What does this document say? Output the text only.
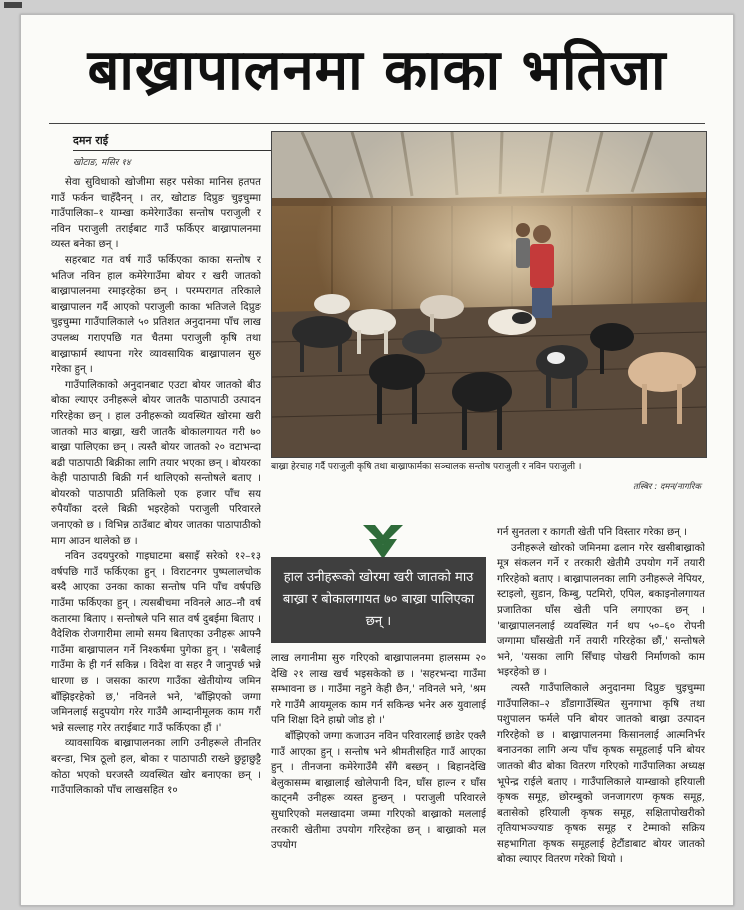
बाख्रापालनमा काका भतिजा
दमन राई
खोटाङ, मसिर १४

सेवा सुविधाको खोजीमा सहर पसेका मानिस हतपत गाउँ फर्कन चाहँदैनन् । तर, खोटाङ दिप्रुङ चुइचुम्मा गाउँपालिका–१ याम्खा कमेरेगाउँका सन्तोष पराजुली र नविन पराजुली तराईबाट गाउँ फर्किएर बाख्रापालनमा व्यस्त बनेका छन् ।

सहरबाट गत वर्ष गाउँ फर्किएका काका सन्तोष र भतिज नविन हाल कमेरेगाउँमा बोयर र खरी जातको बाख्रापालनमा रमाइरहेका छन् । परम्परागत तरिकाले बाख्रापालन गर्दै आएको पराजुली काका भतिजले दिप्रुङ चुइचुम्मा गाउँपालिकाले ५० प्रतिशत अनुदानमा पाँच लाख उपलब्ध गराएपछि गत चैतमा पराजुली कृषि तथा बाख्राफार्म स्थापना गरेर व्यावसायिक बाख्रापालन सुरु गरेका हुन् ।

गाउँपालिकाको अनुदानबाट एउटा बोयर जातको बीउ बोका ल्याएर उनीहरूले बोयर जातकै पाठापाठी उत्पादन गरिरहेका छन् । हाल उनीहरूको व्यवस्थित खोरमा खरी जातको माउ बाख्रा, खरी जातकै बोकालगायत गरी ७० बाख्रा पालिएका छन् । त्यस्तै बोयर जातको २० वटाभन्दा बढी पाठापाठी बिक्रीका लागि तयार भएका छन् । बोयरका केही पाठापाठी बिक्री गर्न थालिएको सन्तोषले बताए । बोयरको पाठापाठी प्रतिकिलो एक हजार पाँच सय रुपैयाँका दरले बिक्री भइरहेको पराजुली परिवारले जनाएको छ । विभिन्न ठाउँबाट बोयर जातका पाठापाठीको माग आउन थालेको छ ।

नविन उदयपुरको गाइघाटमा बसाइँ सरेको १२–१३ वर्षपछि गाउँ फर्किएका हुन् । विराटनगर पुष्पलालचोक बस्दै आएका उनका काका सन्तोष पनि पाँच वर्षपछि गाउँमा फर्किएका हुन् । त्यसबीचमा नविनले आठ–नौ वर्ष कतारमा बिताए । सन्तोषले पनि सात वर्ष दुबईमा बिताए । वैदेशिक रोजगारीमा लामो समय बिताएका उनीहरू आफ्नै गाउँमा बाख्रापालन गर्ने निश्कर्षमा पुगेका हुन् । 'सबैलाई गाउँमा के ही गर्न सकिन्न । विदेश वा सहर नै जानुपर्छ भन्ने धारणा छ । जसका कारण गाउँका खेतीयोग्य जमिन बाँझिइरहेको छ,' नविनले भने, 'बाँझिएको जग्गा जमिनलाई सदुपयोग गरेर गाउँमै आम्दानीमूलक काम गरौं भन्ने सल्लाह गरेर तराईबाट गाउँ फर्किएका हौं ।'

व्यावसायिक बाख्रापालनका लागि उनीहरूले तीनतिर बरन्डा, भित्र ठूलो हल, बोका र पाठापाठी राख्ने छुट्टाछुट्टै कोठा भएको घरजस्तै व्यवस्थित खोर बनाएका छन् । गाउँपालिकाको पाँच लाखसहित १०

बाख्रा हेरचाह गर्दै पराजुली कृषि तथा बाख्राफार्मका सञ्चालक सन्तोष पराजुली र नविन पराजुली ।
तस्बिर : दमन/नागरिक
हाल उनीहरूको खोरमा खरी जातको माउ बाख्रा र बोकालगायत ७० बाख्रा पालिएका छन् ।

लाख लगानीमा सुरु गरिएको बाख्रापालनमा हालसम्म २० देखि २१ लाख खर्च भइसकेको छ । 'सहरभन्दा गाउँमा सम्भावना छ । गाउँमा नहुने केही छैन,' नविनले भने, 'श्रम गरे गाउँमै आयमूलक काम गर्न सकिन्छ भनेर अरु युवालाई पनि शिक्षा दिने हाम्रो जोड हो ।'

बाँझिएको जग्गा कजाउन नविन परिवारलाई छाडेर एक्लै गाउँ आएका हुन् । सन्तोष भने श्रीमतीसहित गाउँ आएका हुन् । तीनजना कमेरेगाउँमै सँगै बस्छन् । बिहानदेखि बेलुकासम्म बाख्रालाई खोलेपानी दिन, घाँस हाल्न र घाँस काट्नमै उनीहरू व्यस्त हुन्छन् । पराजुली परिवारले सुधारिएको मलखादमा जम्मा गरिएको बाख्राको मललाई तरकारी खेतीमा उपयोग गरिरहेका छन् । बाख्राको मल उपयोग

गर्न सुनतला र कागती खेती पनि विस्तार गरेका छन् ।

उनीहरूले खोरको जमिनमा ढलान गरेर खसीबाख्राको मूत्र संकलन गर्ने र तरकारी खेतीमै उपयोग गर्ने तयारी गरिरहेको बताए । बाख्रापालनका लागि उनीहरूले नेपियर, स्टाइलो, सुडान, किम्बु, पटमिरो, एपिल, बकाइनोलगायत प्रजातिका घाँस खेती पनि लगाएका छन् । 'बाख्रापालनलाई व्यवस्थित गर्न थप ५०–६० रोपनी जग्गामा घाँसखेती गर्ने तयारी गरिरहेका छौं,' सन्तोषले भने, 'यसका लागि सिँचाइ पोखरी निर्माणको काम भइरहेको छ ।

त्यस्तै गाउँपालिकाले अनुदानमा दिप्रुङ चुइचुम्मा गाउँपालिका–२ डाँडागाउँस्थित सुनगाभा कृषि तथा पशुपालन फर्मले पनि बोयर जातको बाख्रा उत्पादन गरिरहेको छ । बाख्रापालनमा किसानलाई आत्मनिर्भर बनाउनका लागि अन्य पाँच कृषक समूहलाई पनि बोयर जातको बीउ बोका वितरण गरिएको गाउँपालिका अध्यक्ष भूपेन्द्र राईले बताए । गाउँपालिकाले याम्खाको हरियाली कृषक समूह, छोरम्बुको जनजागरण कृषक समूह, बतासेको हरियाली कृषक समूह, सक्षितापोखरीको तृतियाभञ्ज्याङ कृषक समूह र टेम्माको सक्रिय सहभागिता कृषक समूहलाई हेटौंडाबाट बोयर जातको बोका ल्याएर वितरण गरेको थियो ।
